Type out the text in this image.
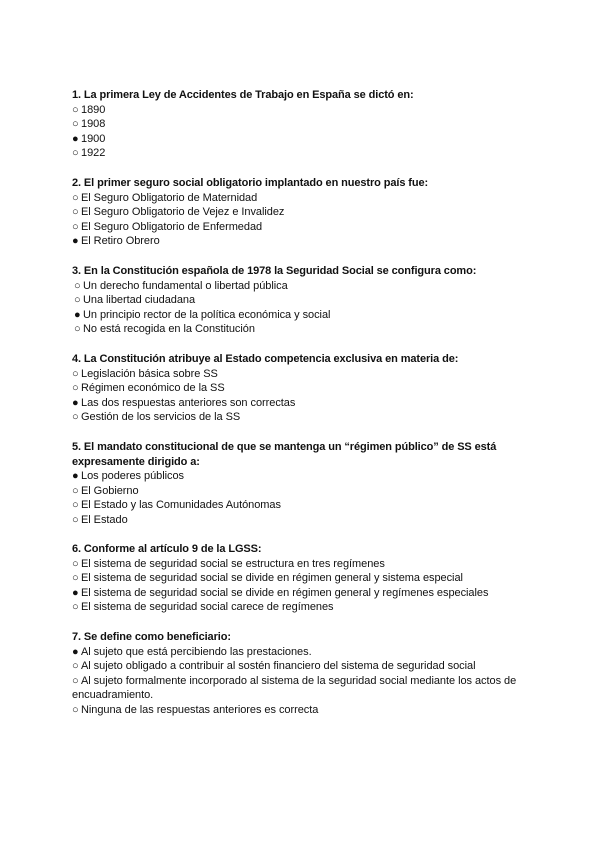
1. La primera Ley de Accidentes de Trabajo en España se dictó en:
○ 1890
○ 1908
● 1900
○ 1922
2. El primer seguro social obligatorio implantado en nuestro país fue:
○ El Seguro Obligatorio de Maternidad
○ El Seguro Obligatorio de Vejez e Invalidez
○ El Seguro Obligatorio de Enfermedad
● El Retiro Obrero
3. En la Constitución española de 1978 la Seguridad Social se configura como:
○ Un derecho fundamental o libertad pública
○ Una libertad ciudadana
● Un principio rector de la política económica y social
○ No está recogida en la Constitución
4. La Constitución atribuye al Estado competencia exclusiva en materia de:
○ Legislación básica sobre SS
○ Régimen económico de la SS
● Las dos respuestas anteriores son correctas
○ Gestión de los servicios de la SS
5. El mandato constitucional de que se mantenga un “régimen público” de SS está expresamente dirigido a:
● Los poderes públicos
○ El Gobierno
○ El Estado y las Comunidades Autónomas
○ El Estado
6. Conforme al artículo 9 de la LGSS:
○ El sistema de seguridad social se estructura en tres regímenes
○ El sistema de seguridad social se divide en régimen general y sistema especial
● El sistema de seguridad social se divide en régimen general y regímenes especiales
○ El sistema de seguridad social carece de regímenes
7. Se define como beneficiario:
● Al sujeto que está percibiendo las prestaciones.
○ Al sujeto obligado a contribuir al sostén financiero del sistema de seguridad social
○ Al sujeto formalmente incorporado al sistema de la seguridad social mediante los actos de encuadramiento.
○ Ninguna de las respuestas anteriores es correcta
